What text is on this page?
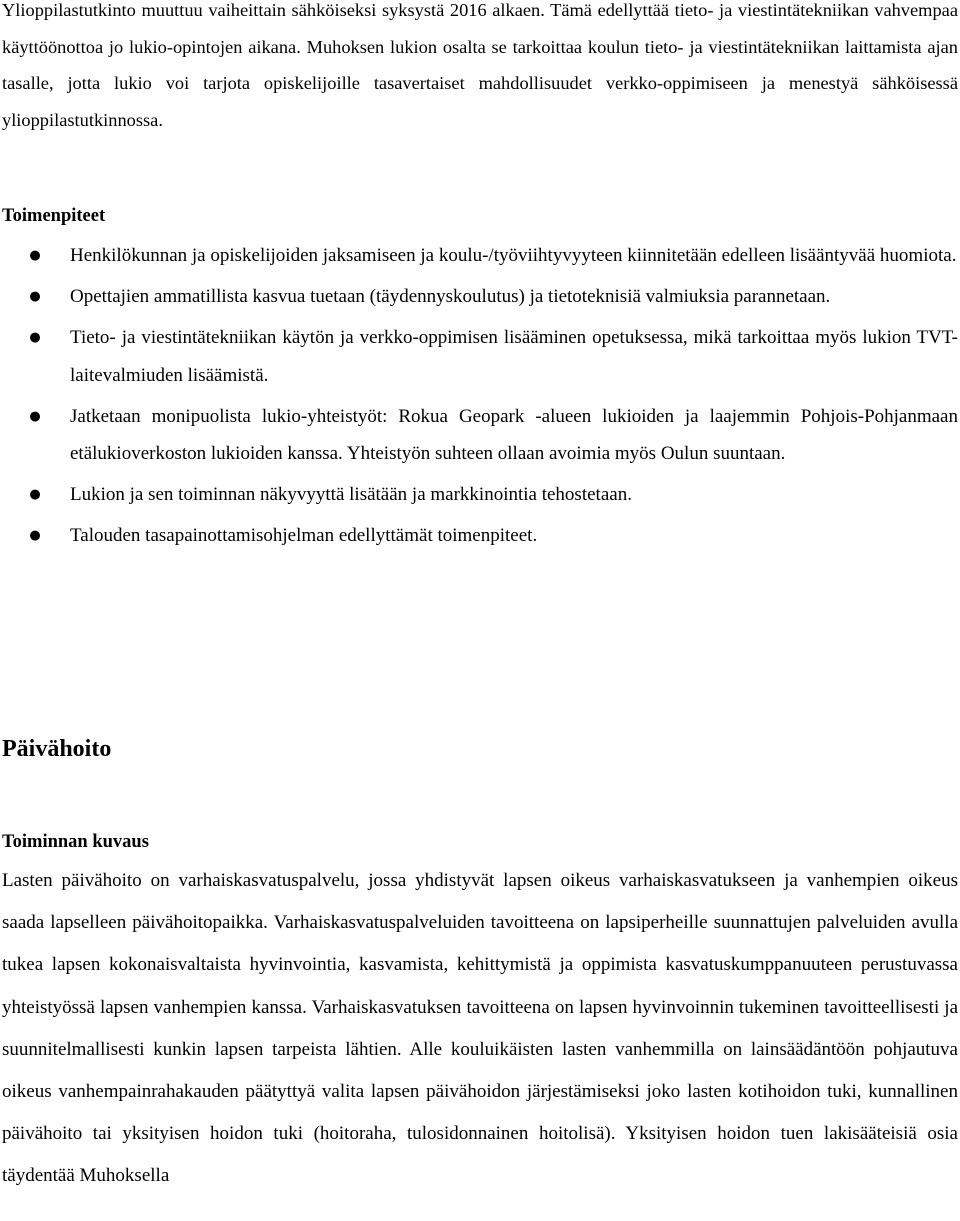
Ylioppilastutkinto muuttuu vaiheittain sähköiseksi syksystä 2016 alkaen. Tämä edellyttää tieto- ja viestintätekniikan vahvempaa käyttöönottoa jo lukio-opintojen aikana. Muhoksen lukion osalta se tarkoittaa koulun tieto- ja viestintätekniikan laittamista ajan tasalle, jotta lukio voi tarjota opiskelijoille tasavertaiset mahdollisuudet verkko-oppimiseen ja menestyä sähköisessä ylioppilastutkinnossa.

Toimenpiteet
● Henkilökunnan ja opiskelijoiden jaksamiseen ja koulu-/työviihtyvyyteen kiinnitetään edelleen lisääntyvää huomiota.
● Opettajien ammatillista kasvua tuetaan (täydennyskoulutus) ja tietoteknisiä valmiuksia parannetaan.
● Tieto- ja viestintätekniikan käytön ja verkko-oppimisen lisääminen opetuksessa, mikä tarkoittaa myös lukion TVT-laitevalmiuden lisäämistä.
● Jatketaan monipuolista lukio-yhteistyöt: Rokua Geopark -alueen lukioiden ja laajemmin Pohjois-Pohjanmaan etälukioverkoston lukioiden kanssa. Yhteistyön suhteen ollaan avoimia myös Oulun suuntaan.
● Lukion ja sen toiminnan näkyvyyttä lisätään ja markkinointia tehostetaan.
● Talouden tasapainottamisohjelman edellyttämät toimenpiteet.
Päivähoito
Toiminnan kuvaus

Lasten päivähoito on varhaiskasvatuspalvelu, jossa yhdistyvät lapsen oikeus varhaiskasvatukseen ja vanhempien oikeus saada lapselleen päivähoitopaikka. Varhaiskasvatuspalveluiden tavoitteena on lapsiperheille suunnattujen palveluiden avulla tukea lapsen kokonaisvaltaista hyvinvointia, kasvamista, kehittymistä ja oppimista kasvatuskumppanuuteen perustuvassa yhteistyössä lapsen vanhempien kanssa. Varhaiskasvatuksen tavoitteena on lapsen hyvinvoinnin tukeminen tavoitteellisesti ja suunnitelmallisesti kunkin lapsen tarpeista lähtien. Alle kouluikäisten lasten vanhemmilla on lainsäädäntöön pohjautuva oikeus vanhempainrahakauden päätyttyä valita lapsen päivähoidon järjestämiseksi joko lasten kotihoidon tuki, kunnallinen päivähoito tai yksityisen hoidon tuki (hoitoraha, tulosidonnainen hoitolisä). Yksityisen hoidon tuen lakisääteisiä osia täydentää Muhoksella
